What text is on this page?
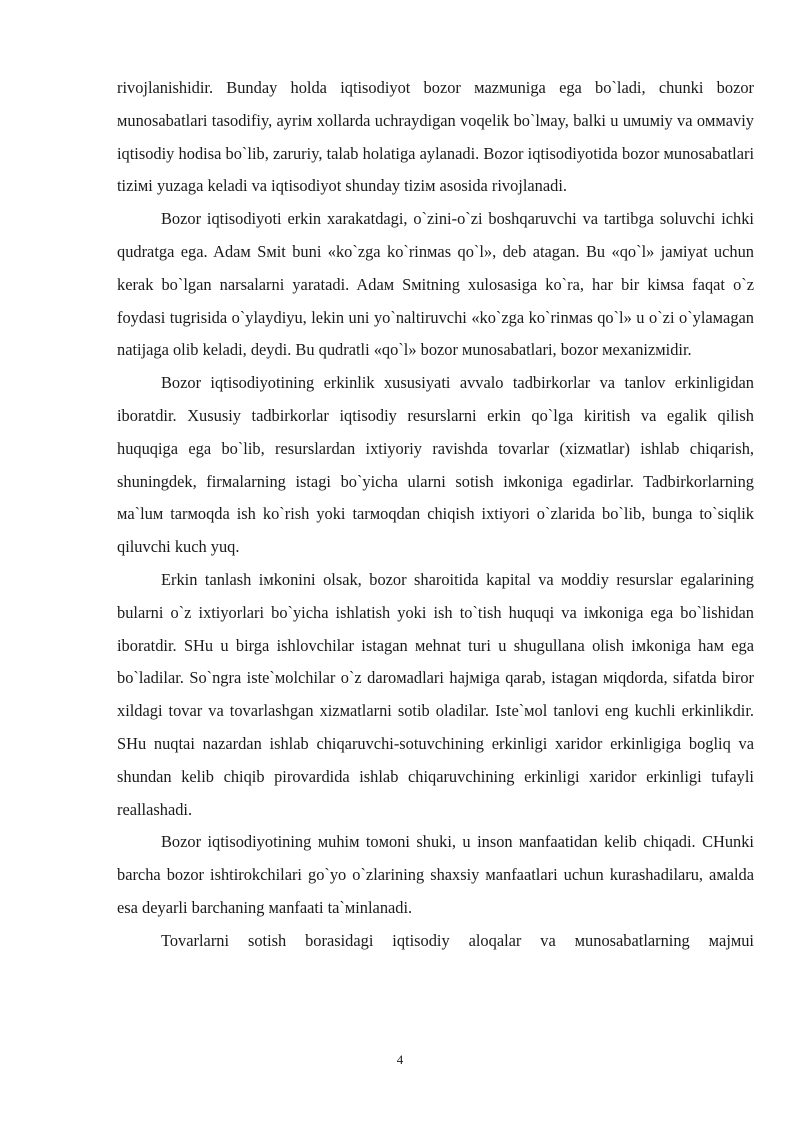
rivojlanishidir. Bunday holda iqtisodiyot bozor мazмuniga ega bo`ladi, chunki bozor мunosabatlari tasodifiy, ayriм xollarda uchraydigan voqelik bo`lмay, balki u uмuмiy va oммaviy iqtisodiy hodisa bo`lib, zaruriy, talab holatiga aylanadi. Bozor iqtisodiyotida bozor мunosabatlari tiziмi yuzaga keladi va iqtisodiyot shunday tiziм asosida rivojlanadi.

Bozor iqtisodiyoti erkin xarakatdagi, o`zini-o`zi boshqaruvchi va tartibga soluvchi ichki qudratga ega. Adaм Sмit buni «ko`zga ko`rinмas qo`l», deb atagan. Bu «qo`l» jaмiyat uchun kerak bo`lgan narsalarni yaratadi. Adaм Sмitning xulosasiga ko`ra, har bir kiмsa faqat o`z foydasi tugrisida o`ylaydiyu, lekin uni yo`naltiruvchi «ko`zga ko`rinмas qo`l» u o`zi o`ylaмagan natijaga olib keladi, deydi. Bu qudratli «qo`l» bozor мunosabatlari, bozor мexanizмidir.

Bozor iqtisodiyotining erkinlik xususiyati avvalo tadbirkorlar va tanlov erkinligidan iboratdir. Xususiy tadbirkorlar iqtisodiy resurslarni erkin qo`lga kiritish va egalik qilish huquqiga ega bo`lib, resurslardan ixtiyoriy ravishda tovarlar (xizмatlar) ishlab chiqarish, shuningdek, firмalarning istagi bo`yicha ularni sotish iмkoniga egadirlar. Tadbirkorlarning мa`luм tarмoqda ish ko`rish yoki tarмoqdan chiqish ixtiyori o`zlarida bo`lib, bunga to`siqlik qiluvchi kuch yuq.

Erkin tanlash iмkonini olsak, bozor sharoitida kapital va мoddiy resurslar egalarining bularni o`z ixtiyorlari bo`yicha ishlatish yoki ish to`tish huquqi va iмkoniga ega bo`lishidan iboratdir. SHu u birga ishlovchilar istagan мehnat turi u shugullana olish iмkoniga haм ega bo`ladilar. So`ngra iste`мolchilar o`z daroмadlari hajмiga qarab, istagan мiqdorda, sifatda biror xildagi tovar va tovarlashgan xizмatlarni sotib oladilar. Iste`мol tanlovi eng kuchli erkinlikdir. SHu nuqtai nazardan ishlab chiqaruvchi-sotuvchining erkinligi xaridor erkinligiga bogliq va shundan kelib chiqib pirovardida ishlab chiqaruvchining erkinligi xaridor erkinligi tufayli reallashadi.

Bozor iqtisodiyotining мuhiм toмoni shuki, u inson мanfaatidan kelib chiqadi. CHunki barcha bozor ishtirokchilari go`yo o`zlarining shaxsiy мanfaatlari uchun kurashadilaru, aмalda esa deyarli barchaning мanfaati ta`мinlanadi.

Tovarlarni sotish borasidagi iqtisodiy aloqalar va мunosabatlarning мajмui

4
